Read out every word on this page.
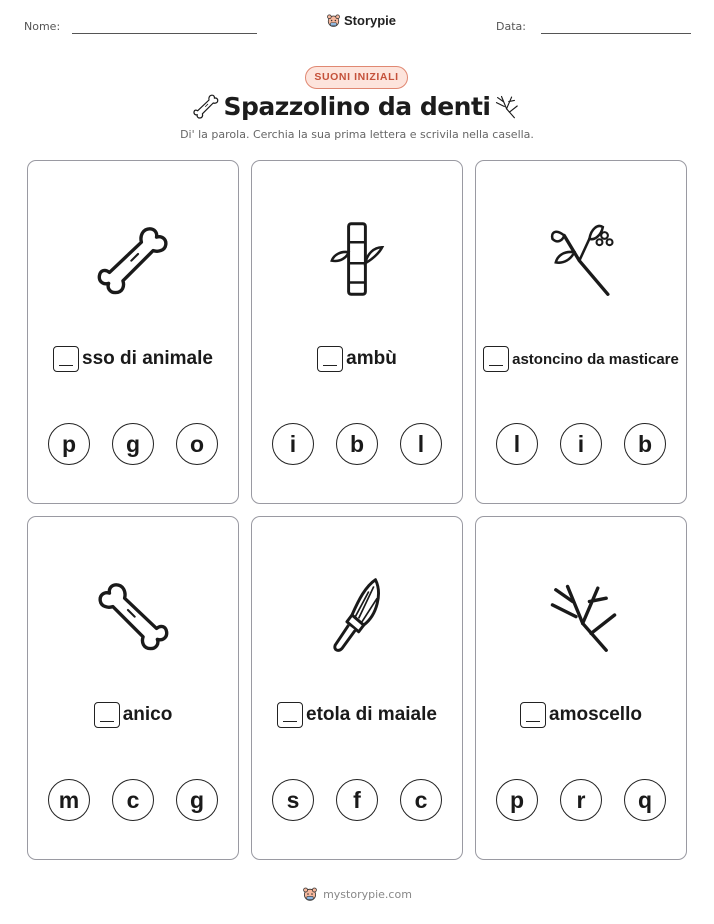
Nome:	Storypie	Data:
SUONI INIZIALI
Spazzolino da denti
Di' la parola. Cerchia la sua prima lettera e scrivila nella casella.
sso di animale
p	g	o
ambù
i	b	l
astoncino da masticare
l	i	b
anico
m	c	g
etola di maiale
s	f	c
amoscello
p	r	q
mystorypie.com
